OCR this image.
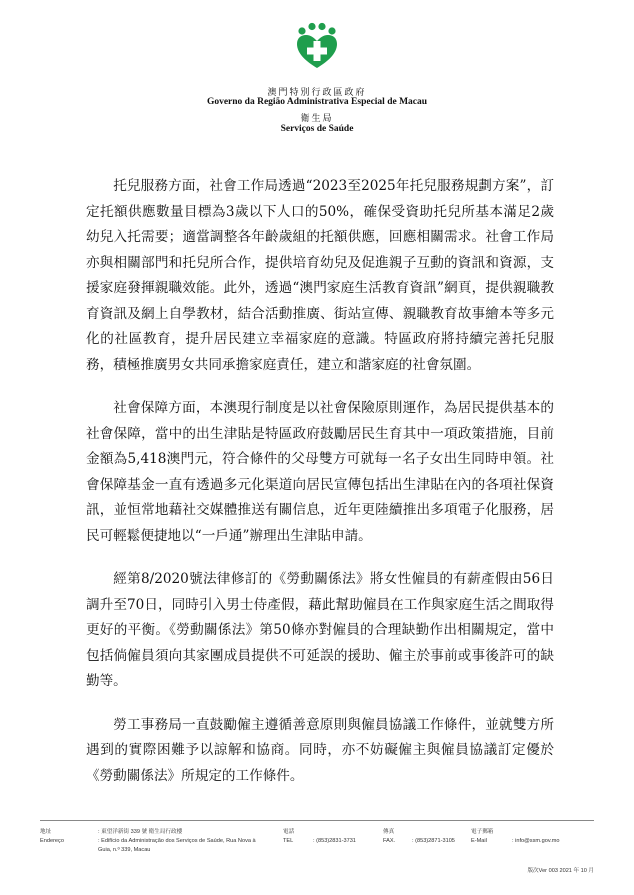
澳門特別行政區政府

Governo da Região Administrativa Especial de Macau

衛生局

Serviços de Saúde

托兒服務方面，社會工作局透過“2023至2025年托兒服務規劃方案”，訂定托額供應數量目標為3歲以下人口的50%，確保受資助托兒所基本滿足2歲幼兒入托需要；適當調整各年齡歲組的托額供應，回應相關需求。社會工作局亦與相關部門和托兒所合作，提供培育幼兒及促進親子互動的資訊和資源，支援家庭發揮親職效能。此外，透過“澳門家庭生活教育資訊”網頁，提供親職教育資訊及網上自學教材，結合活動推廣、街站宣傳、親職教育故事繪本等多元化的社區教育，提升居民建立幸福家庭的意識。特區政府將持續完善托兒服務，積極推廣男女共同承擔家庭責任，建立和諧家庭的社會氛圍。

社會保障方面，本澳現行制度是以社會保險原則運作，為居民提供基本的社會保障，當中的出生津貼是特區政府鼓勵居民生育其中一項政策措施，目前金額為5,418澳門元，符合條件的父母雙方可就每一名子女出生同時申領。社會保障基金一直有透過多元化渠道向居民宣傳包括出生津貼在內的各項社保資訊，並恒常地藉社交媒體推送有關信息，近年更陸續推出多項電子化服務，居民可輕鬆便捷地以“一戶通”辦理出生津貼申請。

經第8/2020號法律修訂的《勞動關係法》將女性僱員的有薪產假由56日調升至70日，同時引入男士侍產假，藉此幫助僱員在工作與家庭生活之間取得更好的平衡。《勞動關係法》第50條亦對僱員的合理缺勤作出相關規定，當中包括倘僱員須向其家團成員提供不可延誤的援助、僱主於事前或事後許可的缺勤等。

勞工事務局一直鼓勵僱主遵循善意原則與僱員協議工作條件，並就雙方所遇到的實際困難予以諒解和協商。同時，亦不妨礙僱主與僱員協議訂定優於《勞動關係法》所規定的工作條件。

地址
Endereço
: 東望洋新街 339 號 衛生局行政樓
: Edifício da Administração dos Serviços de Saúde, Rua Nova à Guia, n.º 339, Macau
電話
TEL	: (853)2831-3731
傳真
FAX.	: (853)2871-3105
電子郵箱
E-Mail	: info@ssm.gov.mo
版次Ver 003 2021 年 10 月
